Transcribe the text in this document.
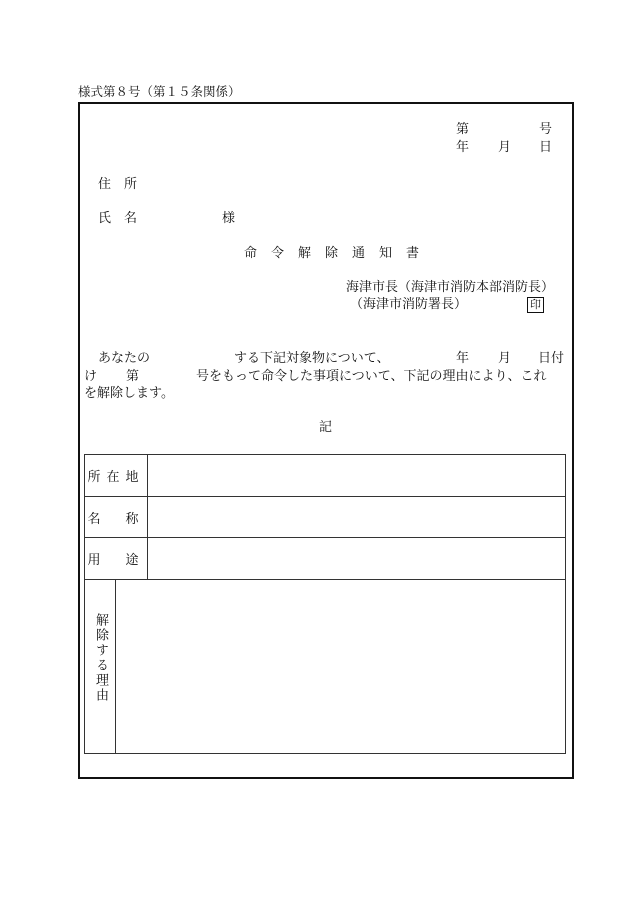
様式第８号（第１５条関係）
第	号
年 月 日
住　所
氏　名	様
命令解除通知書
海津市長（海津市消防本部消防長）
（海津市消防署長）	印
あなたの	する下記対象物について、	年 月 日付
け 第	号をもって命令した事項について、下記の理由により、これ
を解除します。
記
所在地	
名　称	
用　途	

解除する理由
